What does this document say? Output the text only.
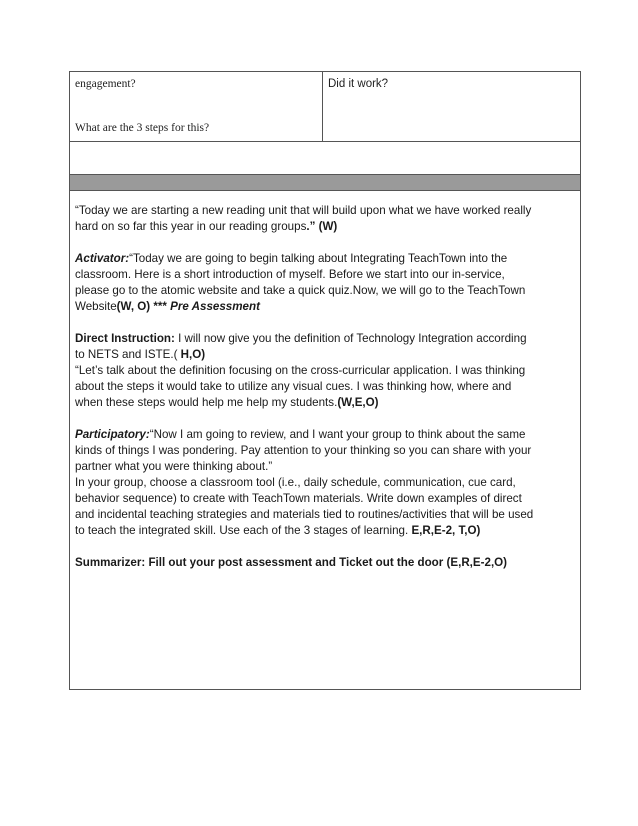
engagement?
What are the 3 steps for this?
Did it work?

“Today we are starting a new reading unit that will build upon what we have worked really
hard on so far this year in our reading groups.” (W)

Activator:“Today we are going to begin talking about Integrating TeachTown into the
classroom. Here is a short introduction of myself. Before we start into our in-service,
please go to the atomic website and take a quick quiz.Now, we will go to the TeachTown
Website(W, O) *** Pre Assessment

Direct Instruction: I will now give you the definition of Technology Integration according
to NETS and ISTE.( H,O)
“Let’s talk about the definition focusing on the cross-curricular application. I was thinking
about the steps it would take to utilize any visual cues. I was thinking how, where and
when these steps would help me help my students.(W,E,O)

Participatory:“Now I am going to review, and I want your group to think about the same
kinds of things I was pondering. Pay attention to your thinking so you can share with your
partner what you were thinking about.”
In your group, choose a classroom tool (i.e., daily schedule, communication, cue card,
behavior sequence) to create with TeachTown materials. Write down examples of direct
and incidental teaching strategies and materials tied to routines/activities that will be used
to teach the integrated skill. Use each of the 3 stages of learning. E,R,E-2, T,O)

Summarizer: Fill out your post assessment and Ticket out the door (E,R,E-2,O)
